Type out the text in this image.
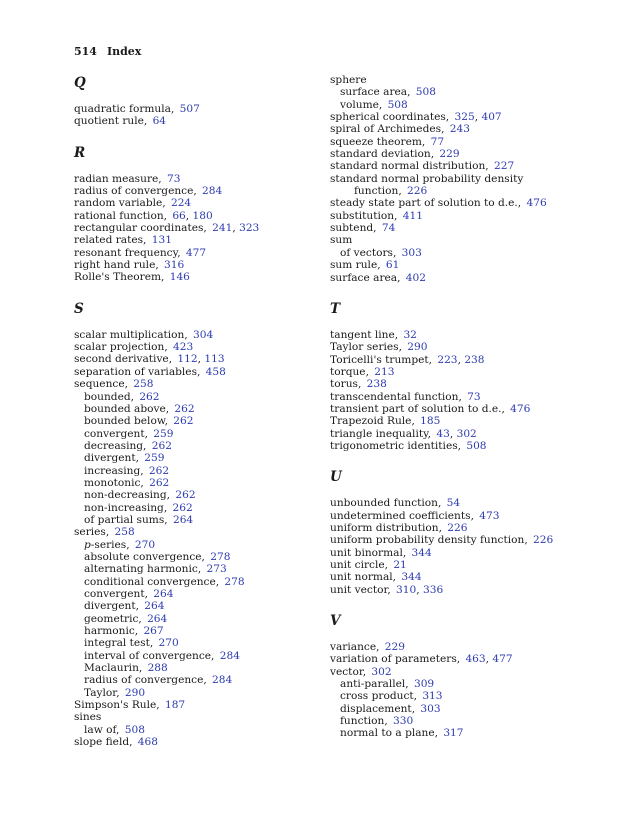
514 Index
Q
quadratic formula,  507
quotient rule,  64
R
radian measure,  73
radius of convergence,  284
random variable,  224
rational function,  66, 180
rectangular coordinates,  241, 323
related rates,  131
resonant frequency,  477
right hand rule,  316
Rolle's Theorem,  146
S
scalar multiplication,  304
scalar projection,  423
second derivative,  112, 113
separation of variables,  458
sequence,  258
bounded,  262
bounded above,  262
bounded below,  262
convergent,  259
decreasing,  262
divergent,  259
increasing,  262
monotonic,  262
non-decreasing,  262
non-increasing,  262
of partial sums,  264
series,  258
p-series,  270
absolute convergence,  278
alternating harmonic,  273
conditional convergence,  278
convergent,  264
divergent,  264
geometric,  264
harmonic,  267
integral test,  270
interval of convergence,  284
Maclaurin,  288
radius of convergence,  284
Taylor,  290
Simpson's Rule,  187
sines
law of,  508
slope field,  468
sphere
surface area,  508
volume,  508
spherical coordinates,  325, 407
spiral of Archimedes,  243
squeeze theorem,  77
standard deviation,  229
standard normal distribution,  227
standard normal probability density
function,  226
steady state part of solution to d.e.,  476
substitution,  411
subtend,  74
sum
of vectors,  303
sum rule,  61
surface area,  402
T
tangent line,  32
Taylor series,  290
Toricelli's trumpet,  223, 238
torque,  213
torus,  238
transcendental function,  73
transient part of solution to d.e.,  476
Trapezoid Rule,  185
triangle inequality,  43, 302
trigonometric identities,  508
U
unbounded function,  54
undetermined coefficients,  473
uniform distribution,  226
uniform probability density function,  226
unit binormal,  344
unit circle,  21
unit normal,  344
unit vector,  310, 336
V
variance,  229
variation of parameters,  463, 477
vector,  302
anti-parallel,  309
cross product,  313
displacement,  303
function,  330
normal to a plane,  317
